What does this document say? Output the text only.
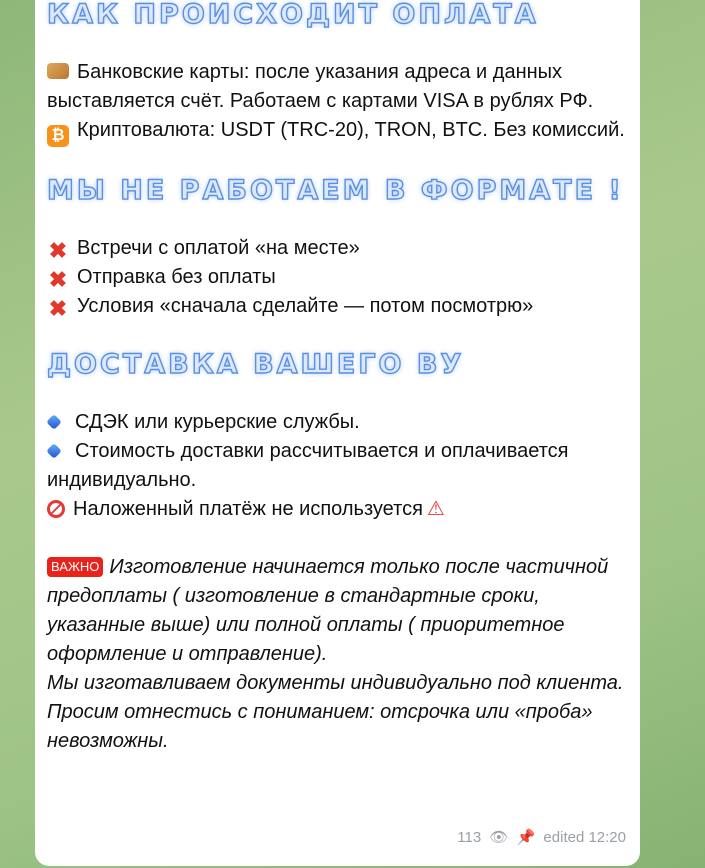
КАК ПРОИСХОДИТ ОПЛАТА

Банковские карты: после указания адреса и данных выставляется счёт. Работаем с картами VISA в рублях РФ.

₿ Криптовалюта: USDT (TRC-20), TRON, BTC. Без комиссий.

МЫ НЕ РАБОТАЕМ В ФОРМАТЕ !

✖ Встречи с оплатой «на месте»

✖ Отправка без оплаты

✖ Условия «сначала сделайте — потом посмотрю»

ДОСТАВКА ВАШЕГО ВУ

СДЭК или курьерские службы.

Стоимость доставки рассчитывается и оплачивается индивидуально.

Наложенный платёж не используется ⚠

ВАЖНО Изготовление начинается только после частичной предоплаты ( изготовление в стандартные сроки, указанные выше) или полной оплаты ( приоритетное оформление и отправление).

Мы изготавливаем документы индивидуально под клиента. Просим отнестись с пониманием: отсрочка или «проба» невозможны.

113 👁 📌 edited 12:20
